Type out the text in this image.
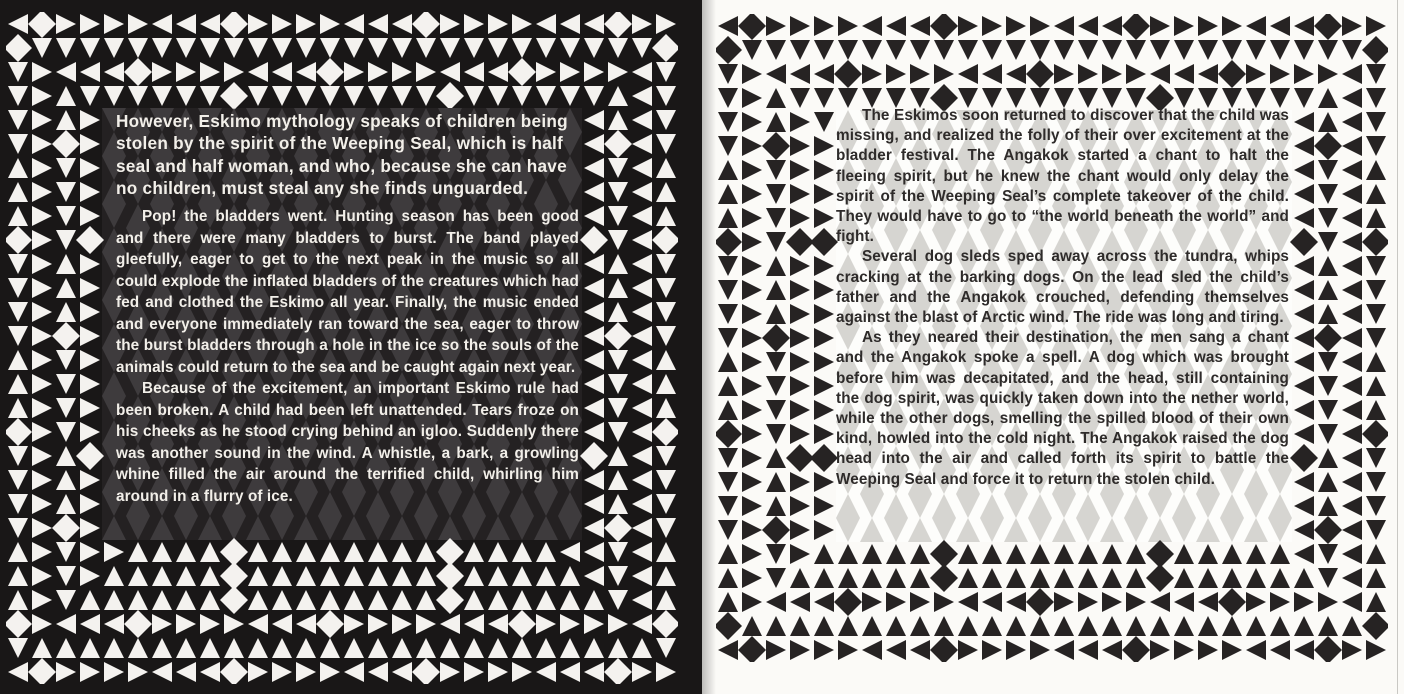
However, Eskimo mythology speaks of children being stolen by the spirit of the Weeping Seal, which is half seal and half woman, and who, because she can have no children, must steal any she finds unguarded.

Pop! the bladders went. Hunting season has been good and there were many bladders to burst. The band played gleefully, eager to get to the next peak in the music so all could explode the inflated bladders of the creatures which had fed and clothed the Eskimo all year. Finally, the music ended and everyone immediately ran toward the sea, eager to throw the burst bladders through a hole in the ice so the souls of the animals could return to the sea and be caught again next year.

Because of the excitement, an important Eskimo rule had been broken. A child had been left unattended. Tears froze on his cheeks as he stood crying behind an igloo. Suddenly there was another sound in the wind. A whistle, a bark, a growling whine filled the air around the terrified child, whirling him around in a flurry of ice.

The Eskimos soon returned to discover that the child was missing, and realized the folly of their over excitement at the bladder festival. The Angakok started a chant to halt the fleeing spirit, but he knew the chant would only delay the spirit of the Weeping Seal’s complete takeover of the child. They would have to go to “the world beneath the world” and fight.

Several dog sleds sped away across the tundra, whips cracking at the barking dogs. On the lead sled the child’s father and the Angakok crouched, defending themselves against the blast of Arctic wind. The ride was long and tiring.

As they neared their destination, the men sang a chant and the Angakok spoke a spell. A dog which was brought before him was decapitated, and the head, still containing the dog spirit, was quickly taken down into the nether world, while the other dogs, smelling the spilled blood of their own kind, howled into the cold night. The Angakok raised the dog head into the air and called forth its spirit to battle the Weeping Seal and force it to return the stolen child.
